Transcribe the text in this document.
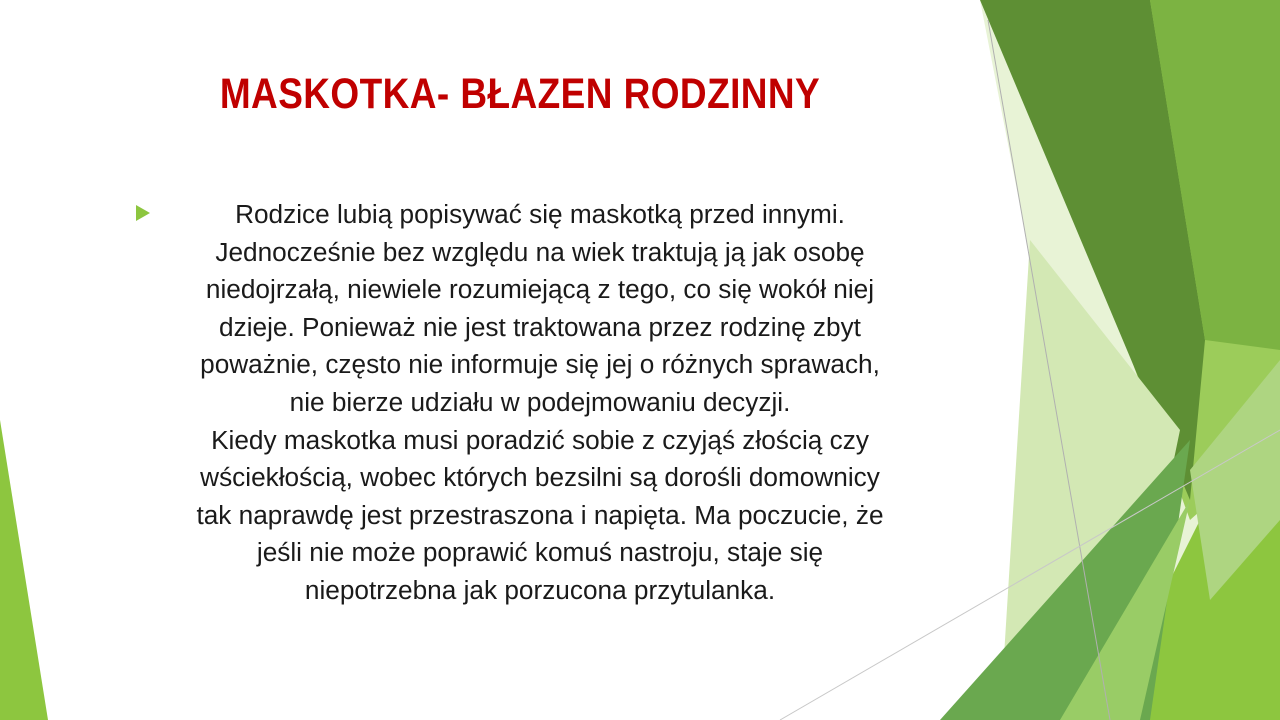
MASKOTKA- BŁAZEN RODZINNY

Rodzice lubią popisywać się maskotką przed innymi.
Jednocześnie bez względu na wiek traktują ją jak osobę
niedojrzałą, niewiele rozumiejącą z tego, co się wokół niej
dzieje. Ponieważ nie jest traktowana przez rodzinę zbyt
poważnie, często nie informuje się jej o różnych sprawach,
nie bierze udziału w podejmowaniu decyzji.

Kiedy maskotka musi poradzić sobie z czyjąś złością czy
wściekłością, wobec których bezsilni są dorośli domownicy
tak naprawdę jest przestraszona i napięta. Ma poczucie, że
jeśli nie może poprawić komuś nastroju, staje się
niepotrzebna jak porzucona przytulanka.
